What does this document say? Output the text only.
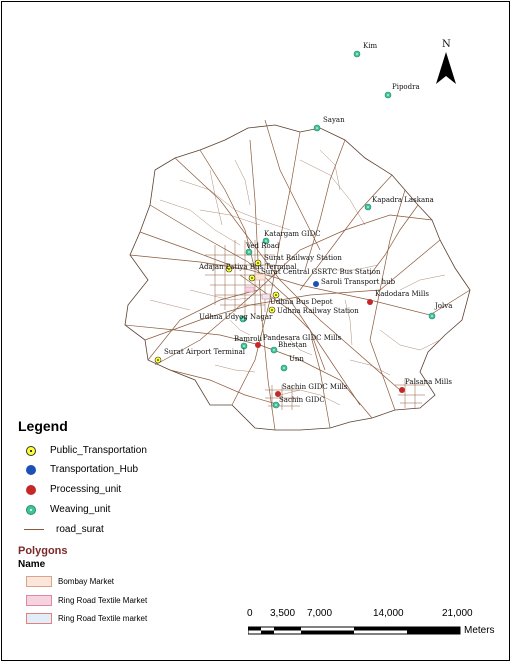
N
Kim
Pipodra
Sayan
Kapadra Laskana
Katargam GIDC
Ved Road
Surat Railway Station
Adajan Patiya Bus Terminal
Surat Central GSRTC Bus Station
Saroli Transport hub
Kadodara Mills
Jolva
Udhna Bus Depot
Udhna Railway Station
Udhna Udyog Nagar
Bamroli Pandesara GIDC Mills
Bhestan
Surat Airport Terminal
Unn
Sachin GIDC Mills
Sachin GIDC
Palsana Mills
Legend
Public_Transportation
Transportation_Hub
Processing_unit
Weaving_unit
road_surat
Polygons
Name
Bombay Market
Ring Road Textile Market
Ring Road Textile market	0 3,500 7,000	14,000	21,000
Meters
